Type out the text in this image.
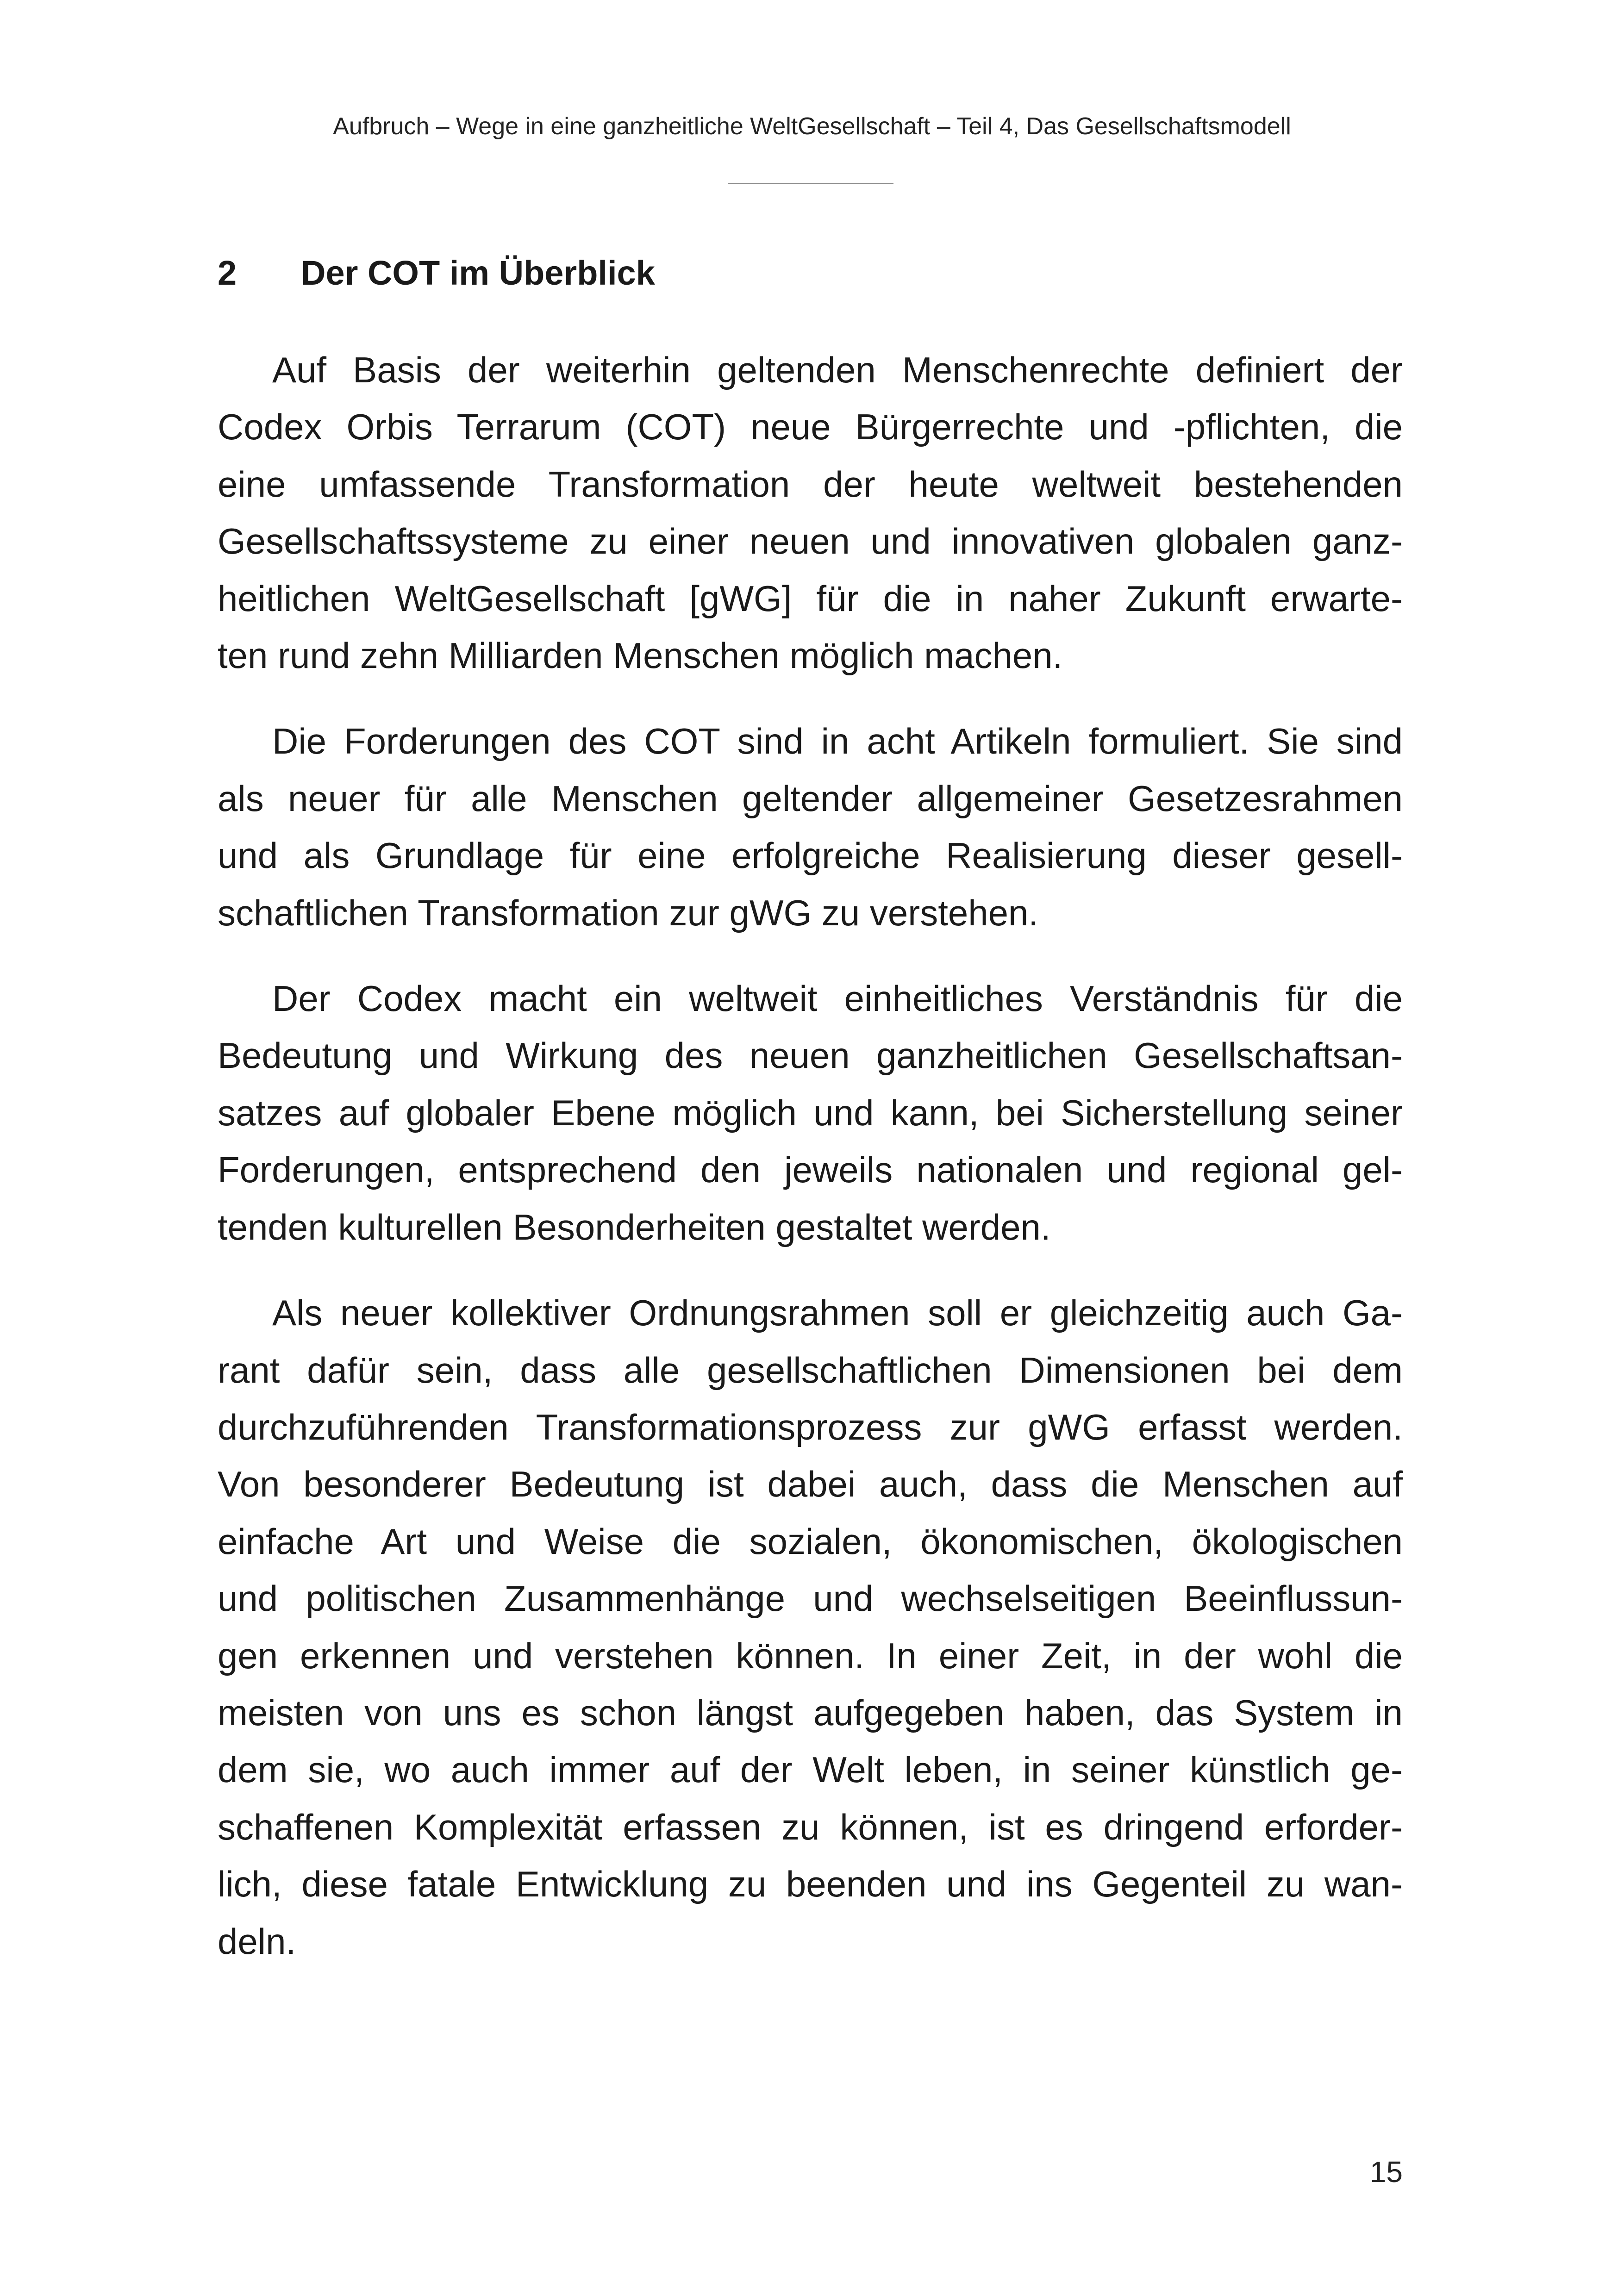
Aufbruch – Wege in eine ganzheitliche WeltGesellschaft – Teil 4, Das Gesellschaftsmodell
2 Der COT im Überblick

Auf Basis der weiterhin geltenden Menschenrechte definiert der
Codex Orbis Terrarum (COT) neue Bürgerrechte und -pflichten, die
eine umfassende Transformation der heute weltweit bestehenden
Gesellschaftssysteme zu einer neuen und innovativen globalen ganz-
heitlichen WeltGesellschaft [gWG] für die in naher Zukunft erwarte-
ten rund zehn Milliarden Menschen möglich machen.

Die Forderungen des COT sind in acht Artikeln formuliert. Sie sind
als neuer für alle Menschen geltender allgemeiner Gesetzesrahmen
und als Grundlage für eine erfolgreiche Realisierung dieser gesell-
schaftlichen Transformation zur gWG zu verstehen.

Der Codex macht ein weltweit einheitliches Verständnis für die
Bedeutung und Wirkung des neuen ganzheitlichen Gesellschaftsan-
satzes auf globaler Ebene möglich und kann, bei Sicherstellung seiner
Forderungen, entsprechend den jeweils nationalen und regional gel-
tenden kulturellen Besonderheiten gestaltet werden.

Als neuer kollektiver Ordnungsrahmen soll er gleichzeitig auch Ga-
rant dafür sein, dass alle gesellschaftlichen Dimensionen bei dem
durchzuführenden Transformationsprozess zur gWG erfasst werden.
Von besonderer Bedeutung ist dabei auch, dass die Menschen auf
einfache Art und Weise die sozialen, ökonomischen, ökologischen
und politischen Zusammenhänge und wechselseitigen Beeinflussun-
gen erkennen und verstehen können. In einer Zeit, in der wohl die
meisten von uns es schon längst aufgegeben haben, das System in
dem sie, wo auch immer auf der Welt leben, in seiner künstlich ge-
schaffenen Komplexität erfassen zu können, ist es dringend erforder-
lich, diese fatale Entwicklung zu beenden und ins Gegenteil zu wan-
deln.

15
